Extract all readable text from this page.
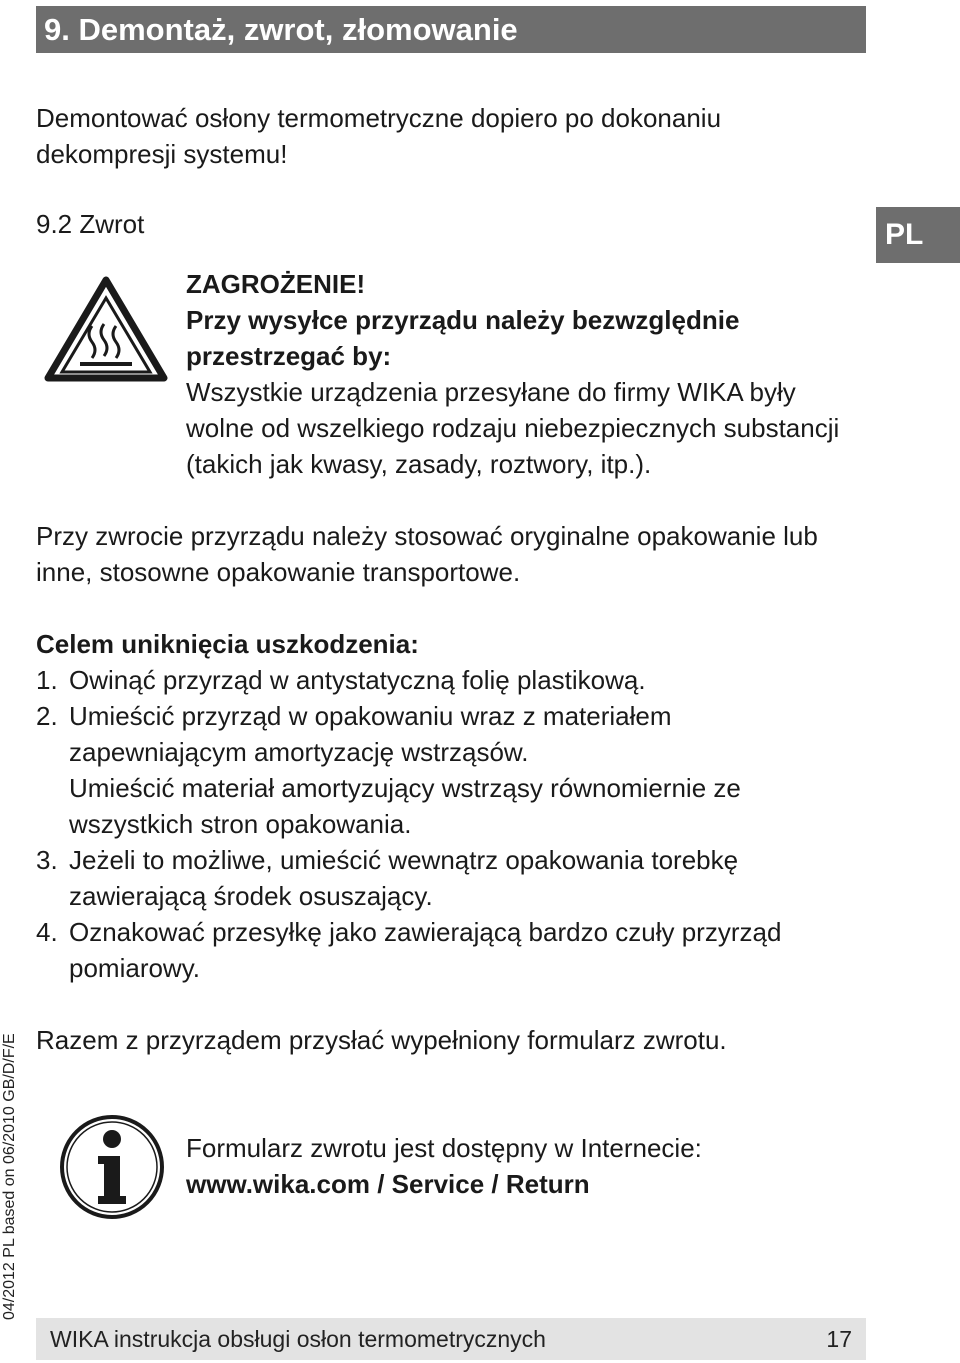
9. Demontaż, zwrot, złomowanie
PL
04/2012 PL based on 06/2010 GB/D/F/E

Demontować osłony termometryczne dopiero po dokonaniu dekompresji systemu!

9.2 Zwrot

ZAGROŻENIE!
Przy wysyłce przyrządu należy bezwzględnie przestrzegać by:
Wszystkie urządzenia przesyłane do firmy WIKA były wolne od wszelkiego rodzaju niebezpiecznych substancji (takich jak kwasy, zasady, roztwory, itp.).

Przy zwrocie przyrządu należy stosować oryginalne opakowanie lub inne, stosowne opakowanie transportowe.

Celem uniknięcia uszkodzenia:

1. Owinąć przyrząd w antystatyczną folię plastikową.
2. Umieścić przyrząd w opakowaniu wraz z materiałem zapewniającym amortyzację wstrząsów.
Umieścić materiał amortyzujący wstrząsy równomiernie ze wszystkich stron opakowania.
3. Jeżeli to możliwe, umieścić wewnątrz opakowania torebkę zawierającą środek osuszający.
4. Oznakować przesyłkę jako zawierającą bardzo czuły przyrząd pomiarowy.

Razem z przyrządem przysłać wypełniony formularz zwrotu.

Formularz zwrotu jest dostępny w Internecie:
www.wika.com / Service / Return
WIKA instrukcja obsługi osłon termometrycznych	17
